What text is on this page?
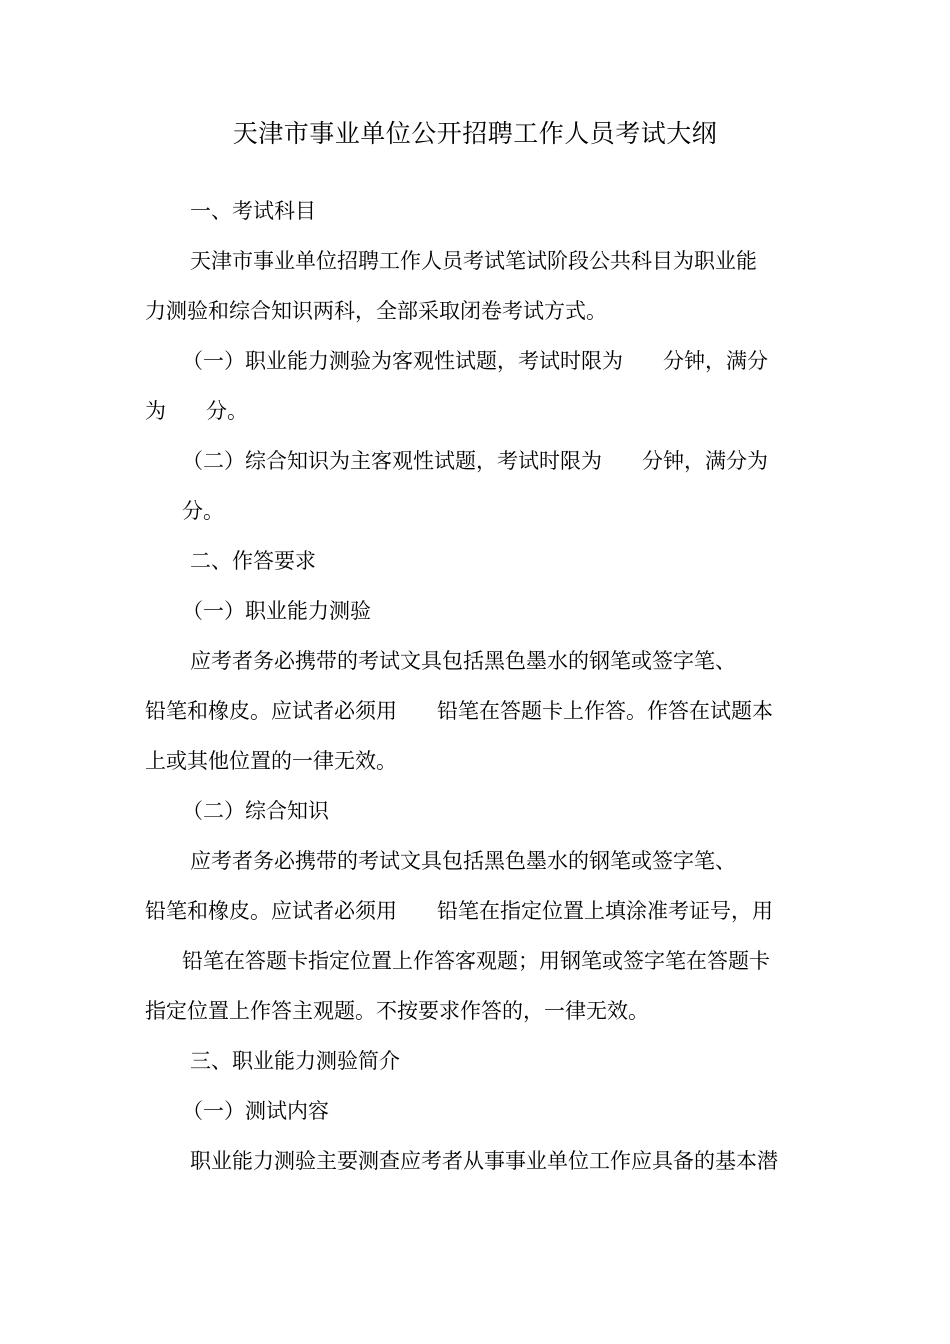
天津市事业单位公开招聘工作人员考试大纲
一、考试科目
天津市事业单位招聘工作人员考试笔试阶段公共科目为职业能
力测验和综合知识两科，全部采取闭卷考试方式。
（一）职业能力测验为客观性试题，考试时限为      分钟，满分
为      分。
（二）综合知识为主客观性试题，考试时限为      分钟，满分为
分。
二、作答要求
（一）职业能力测验
应考者务必携带的考试文具包括黑色墨水的钢笔或签字笔、
铅笔和橡皮。应试者必须用      铅笔在答题卡上作答。作答在试题本
上或其他位置的一律无效。
（二）综合知识
应考者务必携带的考试文具包括黑色墨水的钢笔或签字笔、
铅笔和橡皮。应试者必须用      铅笔在指定位置上填涂准考证号，用
铅笔在答题卡指定位置上作答客观题；用钢笔或签字笔在答题卡
指定位置上作答主观题。不按要求作答的，一律无效。
三、职业能力测验简介
（一）测试内容
职业能力测验主要测查应考者从事事业单位工作应具备的基本潜
